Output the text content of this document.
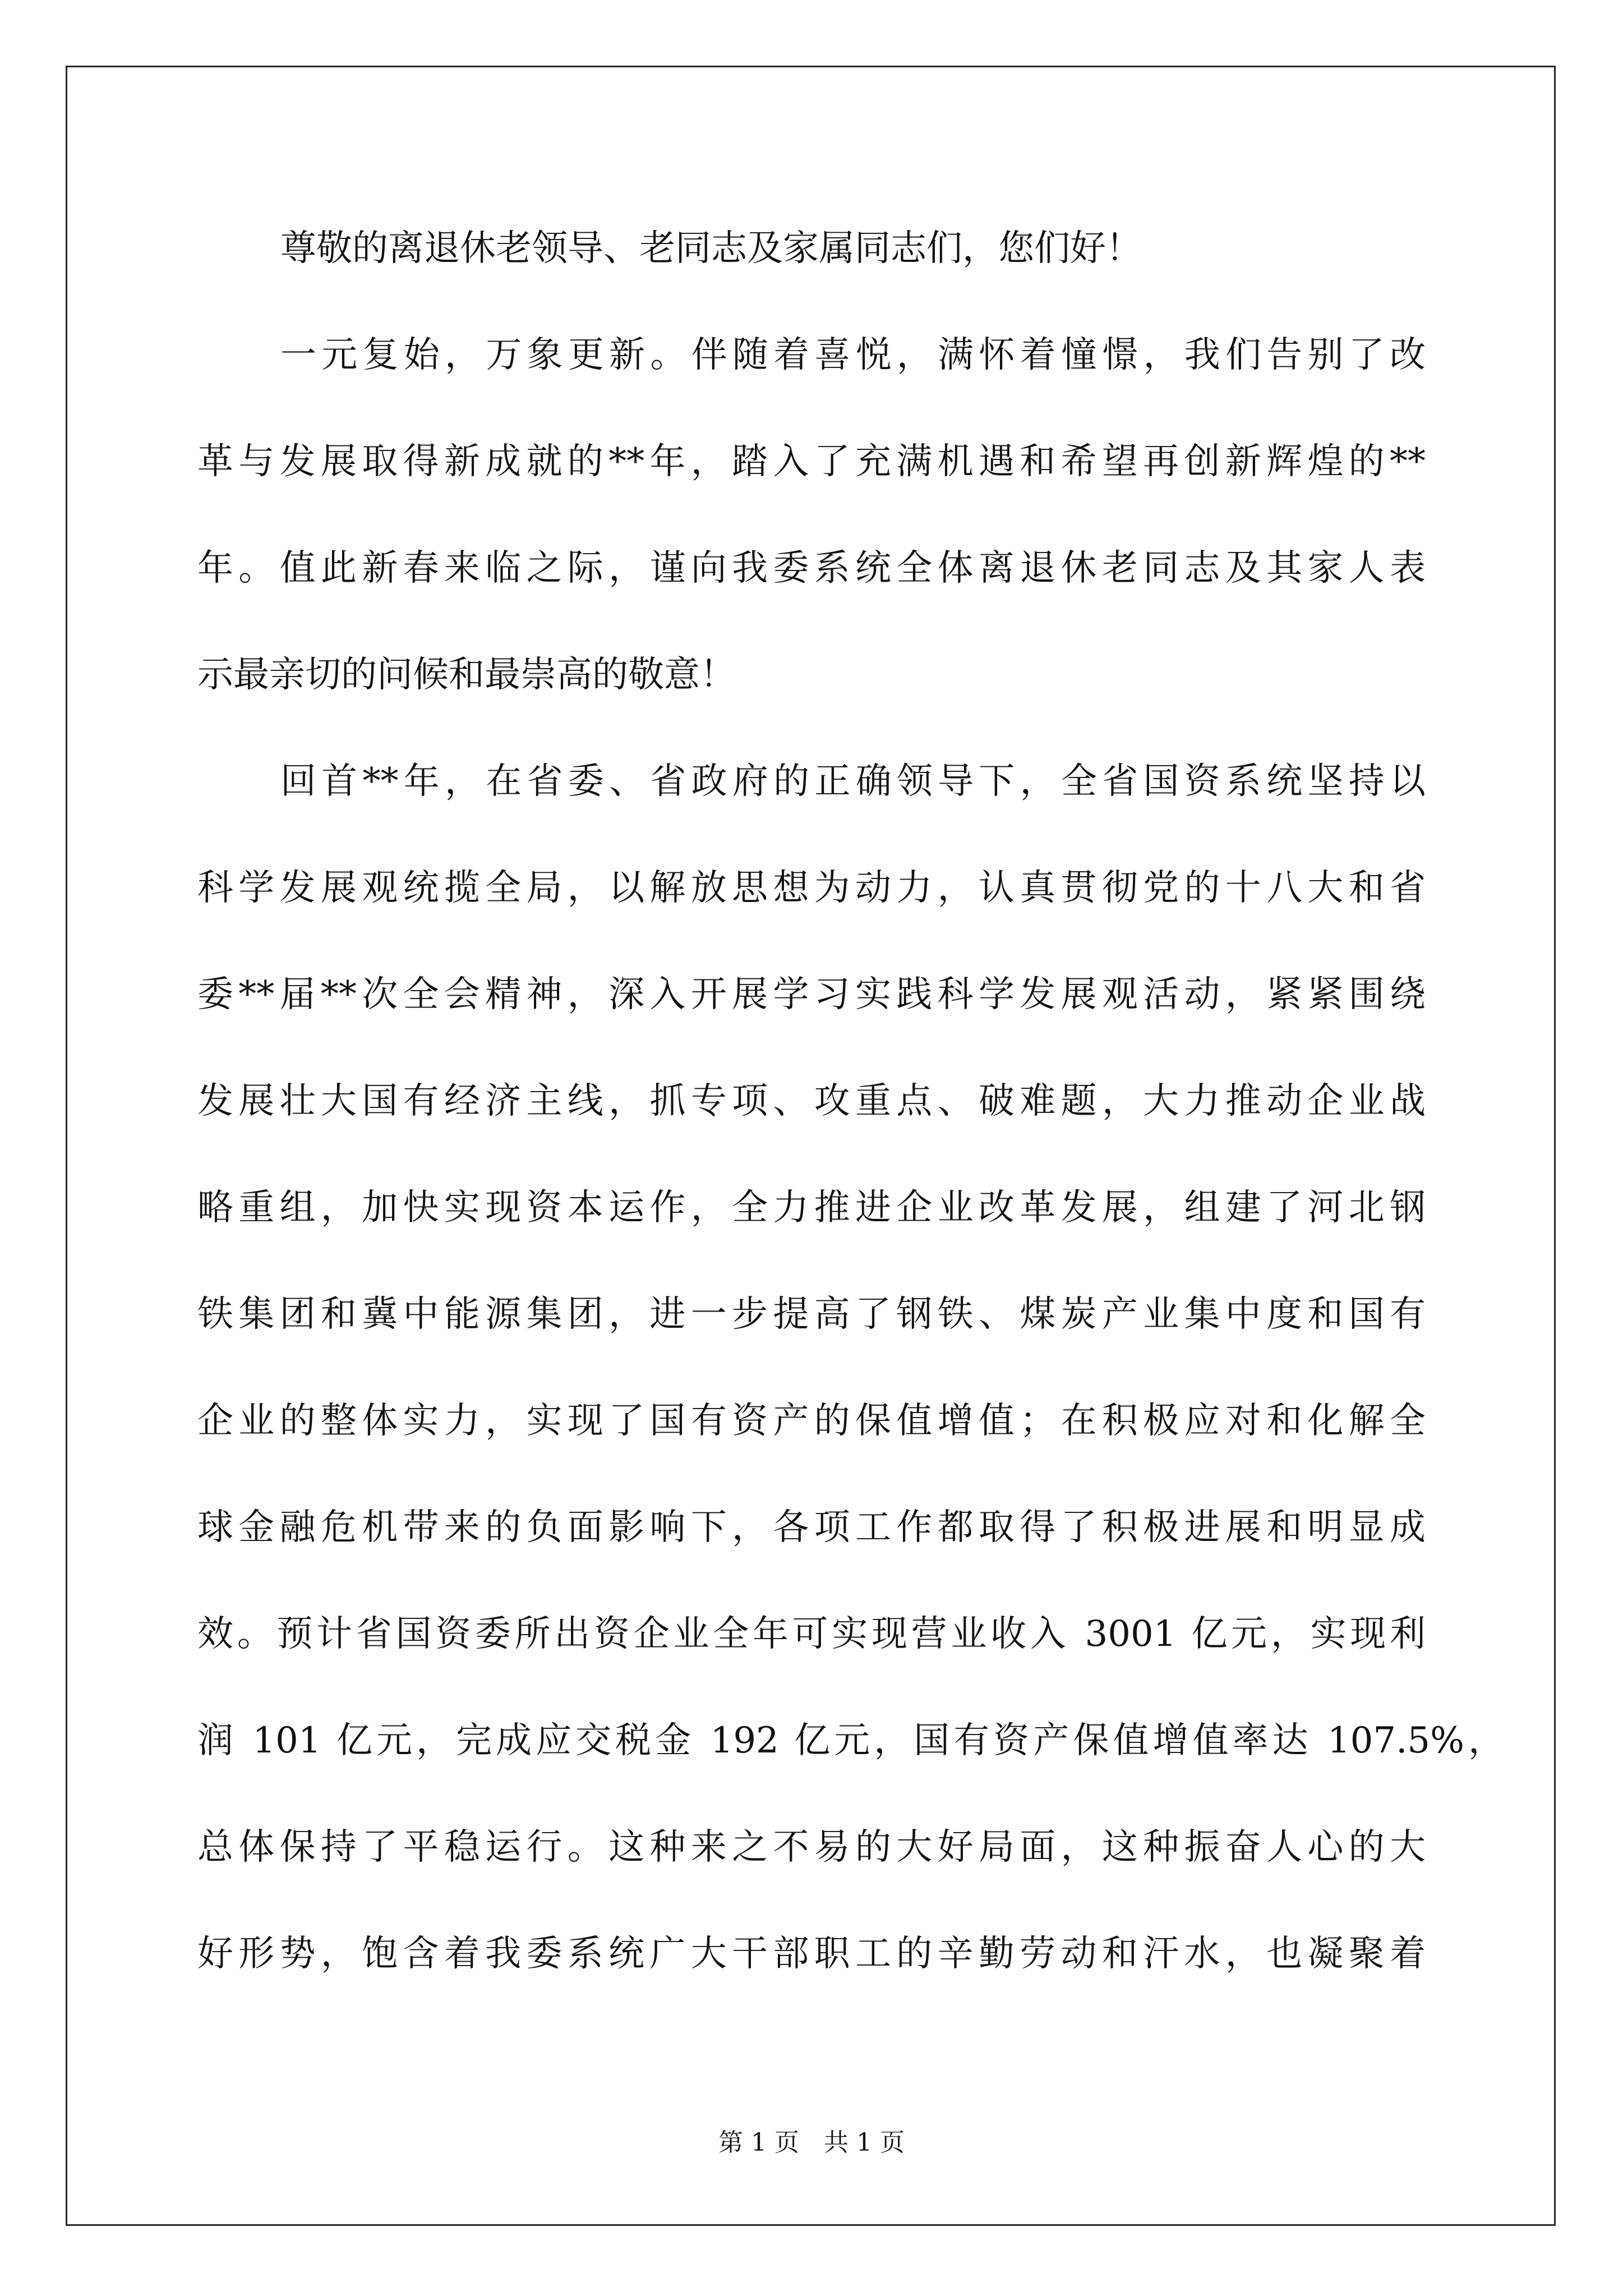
尊敬的离退休老领导、老同志及家属同志们，您们好！
一元复始，万象更新。伴随着喜悦，满怀着憧憬，我们告别了改
革与发展取得新成就的**年，踏入了充满机遇和希望再创新辉煌的**
年。值此新春来临之际，谨向我委系统全体离退休老同志及其家人表
示最亲切的问候和最崇高的敬意！
回首**年，在省委、省政府的正确领导下，全省国资系统坚持以
科学发展观统揽全局，以解放思想为动力，认真贯彻党的十八大和省
委**届**次全会精神，深入开展学习实践科学发展观活动，紧紧围绕
发展壮大国有经济主线，抓专项、攻重点、破难题，大力推动企业战
略重组，加快实现资本运作，全力推进企业改革发展，组建了河北钢
铁集团和冀中能源集团，进一步提高了钢铁、煤炭产业集中度和国有
企业的整体实力，实现了国有资产的保值增值；在积极应对和化解全
球金融危机带来的负面影响下，各项工作都取得了积极进展和明显成
效。预计省国资委所出资企业全年可实现营业收入 3001 亿元，实现利
润 101 亿元，完成应交税金 192 亿元，国有资产保值增值率达 107.5%，
总体保持了平稳运行。这种来之不易的大好局面，这种振奋人心的大
好形势，饱含着我委系统广大干部职工的辛勤劳动和汗水，也凝聚着
第 1 页　共 1 页
